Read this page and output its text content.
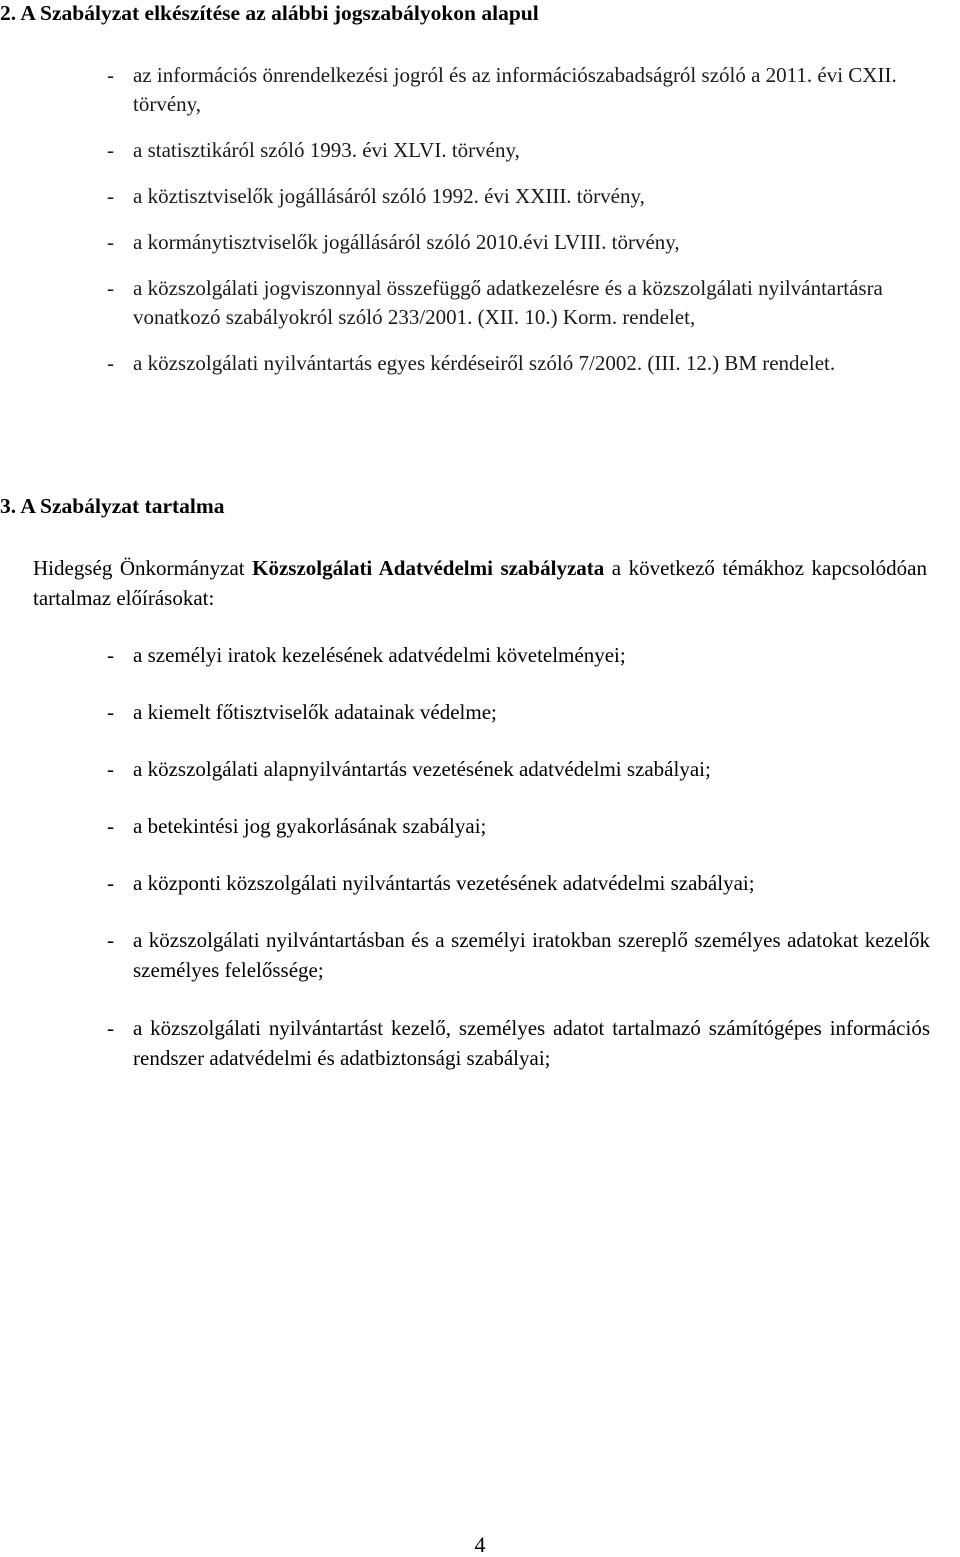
2. A Szabályzat elkészítése az alábbi jogszabályokon alapul
- az információs önrendelkezési jogról és az információszabadságról szóló a 2011. évi CXII. törvény,
- a statisztikáról szóló 1993. évi XLVI. törvény,
- a köztisztviselők jogállásáról szóló 1992. évi XXIII. törvény,
- a kormánytisztviselők jogállásáról szóló 2010.évi LVIII. törvény,
- a közszolgálati jogviszonnyal összefüggő adatkezelésre és a közszolgálati nyilvántartásra vonatkozó szabályokról szóló 233/2001. (XII. 10.) Korm. rendelet,
- a közszolgálati nyilvántartás egyes kérdéseiről szóló 7/2002. (III. 12.) BM rendelet.
3. A Szabályzat tartalma

Hidegség Önkormányzat Közszolgálati Adatvédelmi szabályzata a következő témákhoz kapcsolódóan tartalmaz előírásokat:

- a személyi iratok kezelésének adatvédelmi követelményei;
- a kiemelt főtisztviselők adatainak védelme;
- a közszolgálati alapnyilvántartás vezetésének adatvédelmi szabályai;
- a betekintési jog gyakorlásának szabályai;
- a központi közszolgálati nyilvántartás vezetésének adatvédelmi szabályai;
- a közszolgálati nyilvántartásban és a személyi iratokban szereplő személyes adatokat kezelők személyes felelőssége;
- a közszolgálati nyilvántartást kezelő, személyes adatot tartalmazó számítógépes információs rendszer adatvédelmi és adatbiztonsági szabályai;

4
